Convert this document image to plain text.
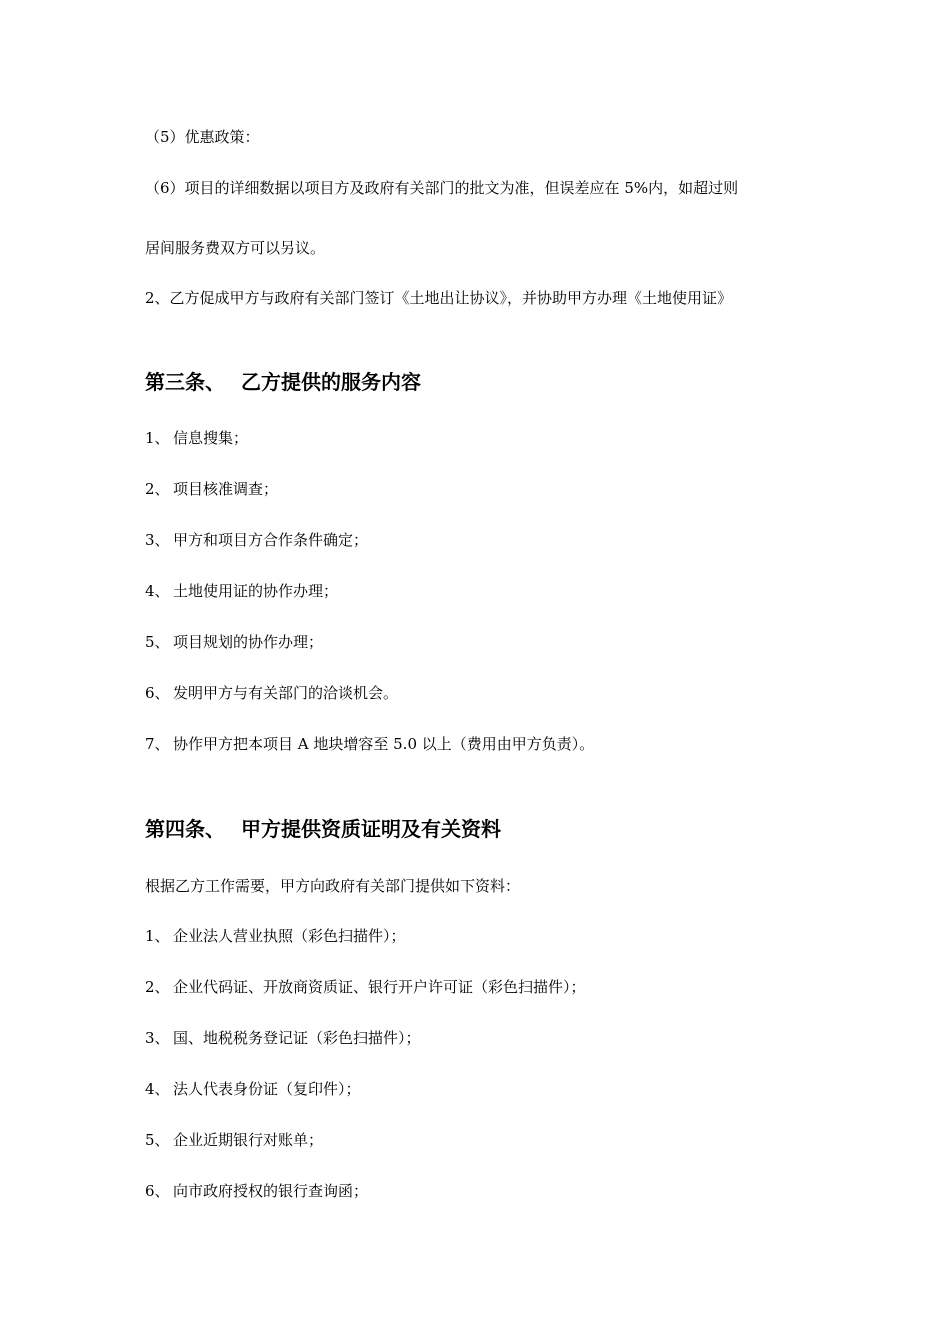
（5）优惠政策：
（6）项目的详细数据以项目方及政府有关部门的批文为准，但误差应在 5%内，如超过则
居间服务费双方可以另议。
2、乙方促成甲方与政府有关部门签订《土地出让协议》，并协助甲方办理《土地使用证》
第三条、 乙方提供的服务内容
1、 信息搜集；
2、 项目核准调查；
3、 甲方和项目方合作条件确定；
4、 土地使用证的协作办理；
5、 项目规划的协作办理；
6、 发明甲方与有关部门的洽谈机会。
7、 协作甲方把本项目 A 地块增容至 5.0 以上（费用由甲方负责）。
第四条、 甲方提供资质证明及有关资料
根据乙方工作需要，甲方向政府有关部门提供如下资料：
1、 企业法人营业执照（彩色扫描件）；
2、 企业代码证、开放商资质证、银行开户许可证（彩色扫描件）；
3、 国、地税税务登记证（彩色扫描件）；
4、 法人代表身份证（复印件）；
5、 企业近期银行对账单；
6、 向市政府授权的银行查询函；
